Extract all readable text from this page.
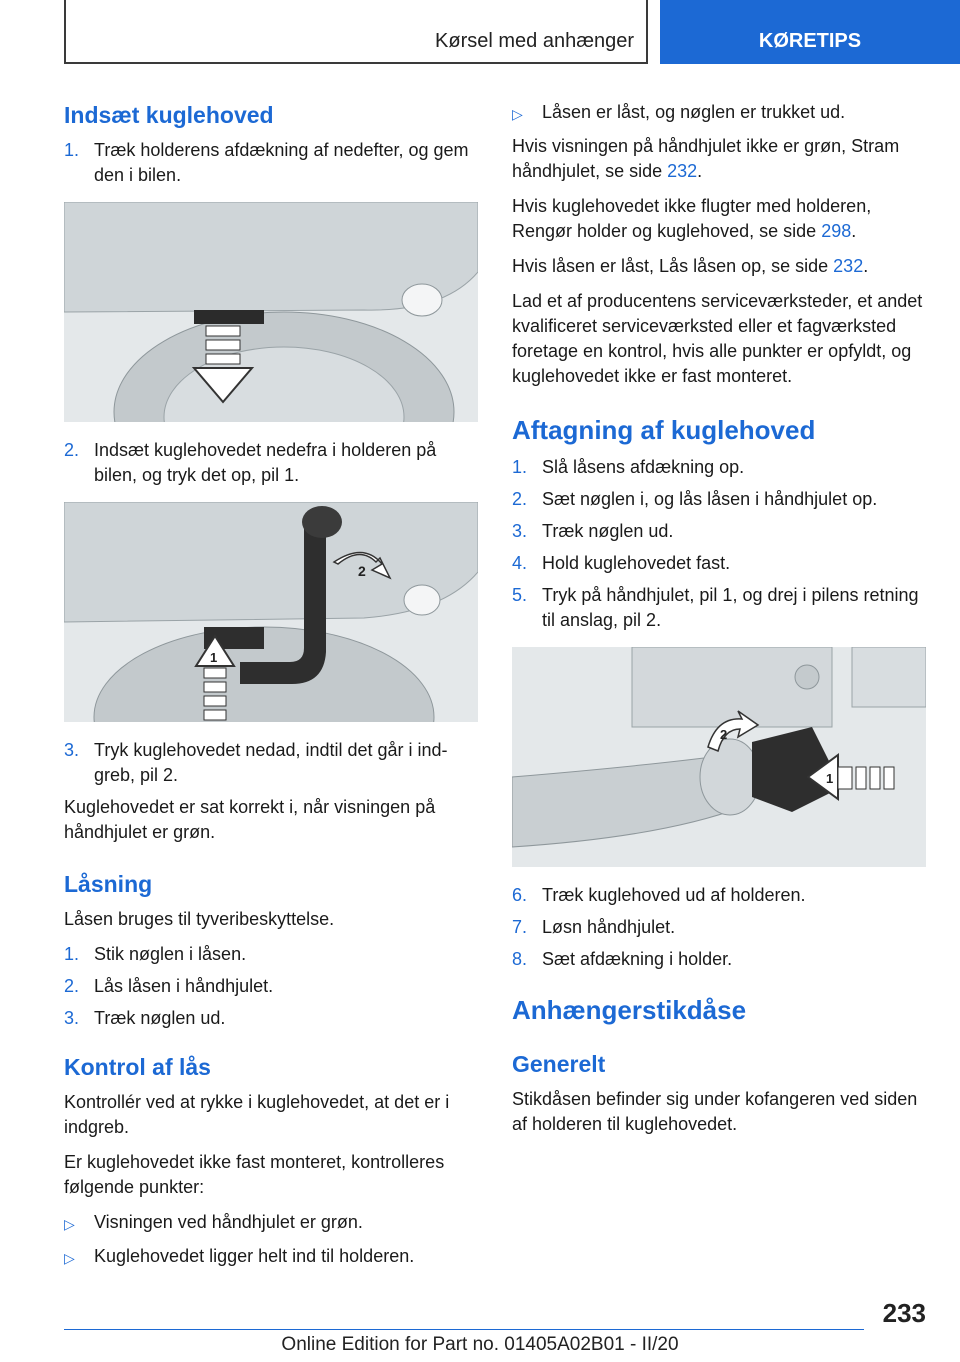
Kørsel med anhænger	KØRETIPS
Indsæt kuglehoved
1. Træk holderens afdækning af nedefter, og gem den i bilen.
2. Indsæt kuglehovedet nedefra i holderen på bilen, og tryk det op, pil 1.
2
1
3. Tryk kuglehovedet nedad, indtil det går i indgreb, pil 2.

Kuglehovedet er sat korrekt i, når visningen på håndhjulet er grøn.

Låsning

Låsen bruges til tyveribeskyttelse.

1. Stik nøglen i låsen.
2. Lås låsen i håndhjulet.
3. Træk nøglen ud.
Kontrol af lås

Kontrollér ved at rykke i kuglehovedet, at det er i indgreb.

Er kuglehovedet ikke fast monteret, kontrolleres følgende punkter:

▷	Visningen ved håndhjulet er grøn.
▷	Kuglehovedet ligger helt ind til holderen.
▷	Låsen er låst, og nøglen er trukket ud.

Hvis visningen på håndhjulet ikke er grøn, Stram håndhjulet, se side 232.

Hvis kuglehovedet ikke flugter med holderen, Rengør holder og kuglehoved, se side 298.

Hvis låsen er låst, Lås låsen op, se side 232.

Lad et af producentens serviceværksteder, et andet kvalificeret serviceværksted eller et fagværksted foretage en kontrol, hvis alle punkter er opfyldt, og kuglehovedet ikke er fast monteret.

Aftagning af kuglehoved
1. Slå låsens afdækning op.
2. Sæt nøglen i, og lås låsen i håndhjulet op.
3. Træk nøglen ud.
4. Hold kuglehovedet fast.
5. Tryk på håndhjulet, pil 1, og drej i pilens retning til anslag, pil 2.
2
1
6. Træk kuglehoved ud af holderen.
7. Løsn håndhjulet.
8. Sæt afdækning i holder.
Anhængerstikdåse
Generelt

Stikdåsen befinder sig under kofangeren ved siden af holderen til kuglehovedet.

233
Online Edition for Part no. 01405A02B01 - II/20
